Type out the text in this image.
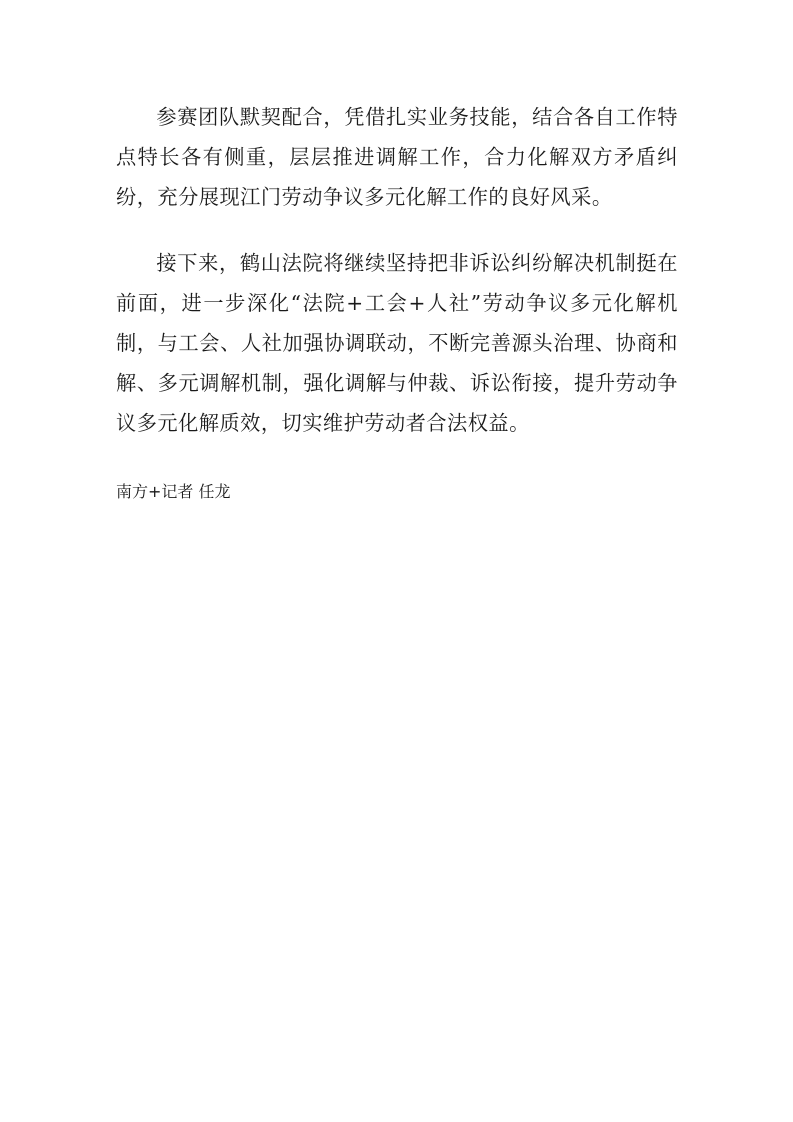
参赛团队默契配合，凭借扎实业务技能，结合各自工作特点特长各有侧重，层层推进调解工作，合力化解双方矛盾纠纷，充分展现江门劳动争议多元化解工作的良好风采。

接下来，鹤山法院将继续坚持把非诉讼纠纷解决机制挺在前面，进一步深化“法院+工会+人社”劳动争议多元化解机制，与工会、人社加强协调联动，不断完善源头治理、协商和解、多元调解机制，强化调解与仲裁、诉讼衔接，提升劳动争议多元化解质效，切实维护劳动者合法权益。

南方+记者 任龙
